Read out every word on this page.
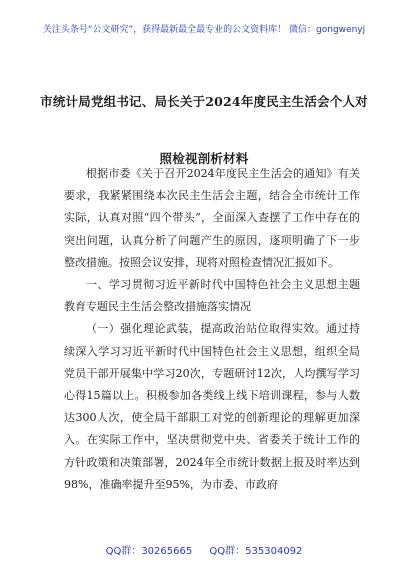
关注头条号“公文研究”，获得最新最全最专业的公文资料库！ 微信：gongwenyj
市统计局党组书记、局长关于2024年度民主生活会个人对
照检视剖析材料

根据市委《关于召开2024年度民主生活会的通知》有关要求，我紧紧围绕本次民主生活会主题，结合全市统计工作实际，认真对照“四个带头”，全面深入查摆了工作中存在的突出问题，认真分析了问题产生的原因，逐项明确了下一步整改措施。按照会议安排，现将对照检查情况汇报如下。

一、学习贯彻习近平新时代中国特色社会主义思想主题教育专题民主生活会整改措施落实情况

（一）强化理论武装，提高政治站位取得实效。通过持续深入学习习近平新时代中国特色社会主义思想，组织全局党员干部开展集中学习20次，专题研讨12次，人均撰写学习心得15篇以上。积极参加各类线上线下培训课程，参与人数达300人次，使全局干部职工对党的创新理论的理解更加深入。在实际工作中，坚决贯彻党中央、省委关于统计工作的方针政策和决策部署，2024年全市统计数据上报及时率达到98%，准确率提升至95%，为市委、市政府

QQ群：30265665 QQ群：535304092
